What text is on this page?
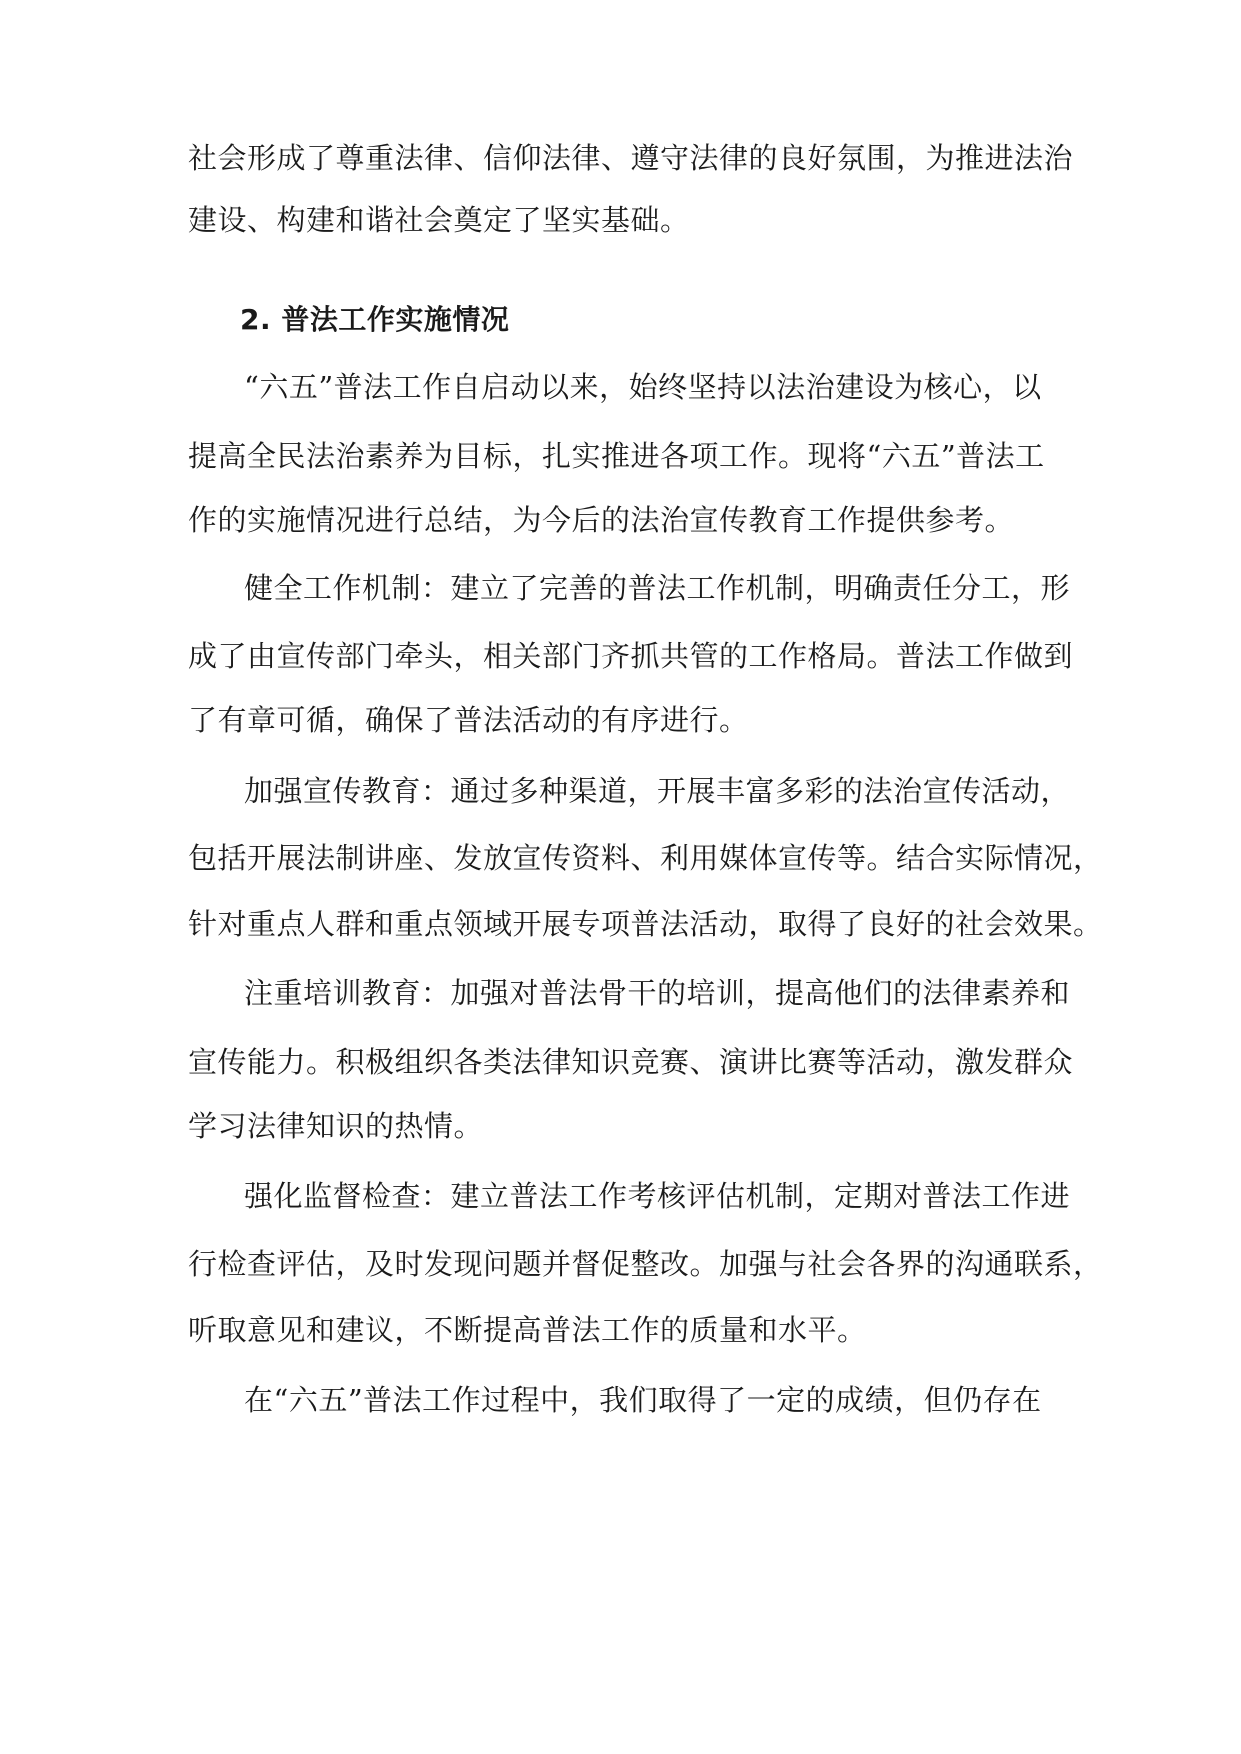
社会形成了尊重法律、信仰法律、遵守法律的良好氛围，为推进法治
建设、构建和谐社会奠定了坚实基础。
2. 普法工作实施情况
“六五”普法工作自启动以来，始终坚持以法治建设为核心，以
提高全民法治素养为目标，扎实推进各项工作。现将“六五”普法工
作的实施情况进行总结，为今后的法治宣传教育工作提供参考。
健全工作机制：建立了完善的普法工作机制，明确责任分工，形
成了由宣传部门牵头，相关部门齐抓共管的工作格局。普法工作做到
了有章可循，确保了普法活动的有序进行。
加强宣传教育：通过多种渠道，开展丰富多彩的法治宣传活动，
包括开展法制讲座、发放宣传资料、利用媒体宣传等。结合实际情况，
针对重点人群和重点领域开展专项普法活动，取得了良好的社会效果。
注重培训教育：加强对普法骨干的培训，提高他们的法律素养和
宣传能力。积极组织各类法律知识竞赛、演讲比赛等活动，激发群众
学习法律知识的热情。
强化监督检查：建立普法工作考核评估机制，定期对普法工作进
行检查评估，及时发现问题并督促整改。加强与社会各界的沟通联系，
听取意见和建议，不断提高普法工作的质量和水平。
在“六五”普法工作过程中，我们取得了一定的成绩，但仍存在
